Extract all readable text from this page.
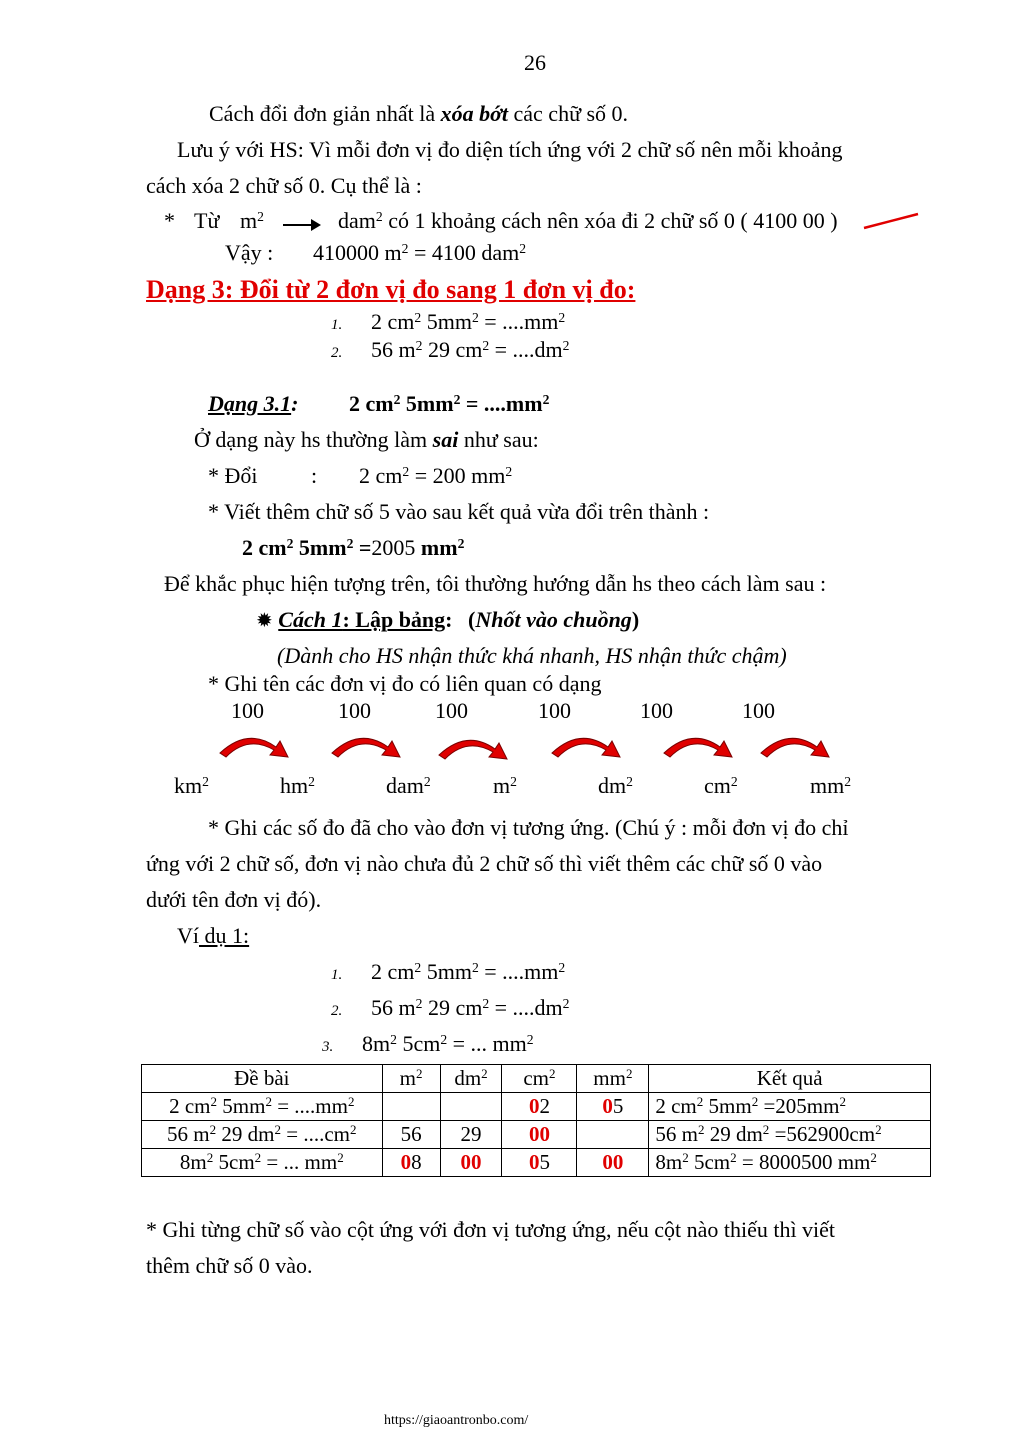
26
Cách đổi đơn giản nhất là xóa bớt các chữ số 0.
Lưu ý với HS: Vì mỗi đơn vị đo diện tích ứng với 2 chữ số nên mỗi khoảng
cách xóa 2 chữ số 0. Cụ thể là :
* Từ $m^2$	dam$^2$ có 1 khoảng cách nên xóa đi 2 chữ số 0 ( 4100 00 )
Vậy : 410000 $m^2 = 4100$ dam$^2$
Dạng 3: Đổi từ 2 đơn vị đo sang 1 đơn vị đo:
1. 2 $cm^2$ $5mm^2 = ....mm^2$
2. 56 $m^2$ 29 $cm^2 = ....dm^2$
Dạng 3.1: 2 $cm^2$ $5mm^2 = ....mm^2$
Ở dạng này hs thường làm sai như sau:
* Đổi : 2 $cm^2 = 200$ $mm^2$
* Viết thêm chữ số 5 vào sau kết quả vừa đổi trên thành :
2 $cm^2$ $5mm^2 =2005$ $mm^2$
Để khắc phục hiện tượng trên, tôi thường hướng dẫn hs theo cách làm sau :
✹ Cách 1: Lập bảng: (Nhốt vào chuồng)
(Dành cho HS nhận thức khá nhanh, HS nhận thức chậm)
* Ghi tên các đơn vị đo có liên quan có dạng
100	100	100	100	100	100
$km^2$	$hm^2$	dam$^2$	$m^2$	$dm^2$	$cm^2$	$mm^2$
* Ghi các số đo đã cho vào đơn vị tương ứng. (Chú ý : mỗi đơn vị đo chỉ
ứng với 2 chữ số, đơn vị nào chưa đủ 2 chữ số thì viết thêm các chữ số 0 vào
dưới tên đơn vị đó).
Ví dụ 1:
1. 2 $cm^2$ $5mm^2 = ....mm^2$
2. 56 $m^2$ 29 $cm^2 = ....dm^2$
3. $8m^2$ $5cm^2$ = ... $mm^2$
Đề bài	$m^2$	$dm^2$	$cm^2$	$mm^2$	Kết quả
2 $cm^2$ $5mm^2 = ....mm^2$			02	05	2 $cm^2$ $5mm^2 =205mm^2$
56 $m^2$ 29 $dm^2 = ....cm^2$	56	29	00		56 $m^2$ 29 $dm^2 =562900cm^2$
$8m^2$ $5cm^2$ = ... $mm^2$	08	00	05	00	$8m^2$ $5cm^2 = 8000500$ $mm^2$
* Ghi từng chữ số vào cột ứng với đơn vị tương ứng, nếu cột nào thiếu thì viết
thêm chữ số 0 vào.
https://giaoantronbo.com/
